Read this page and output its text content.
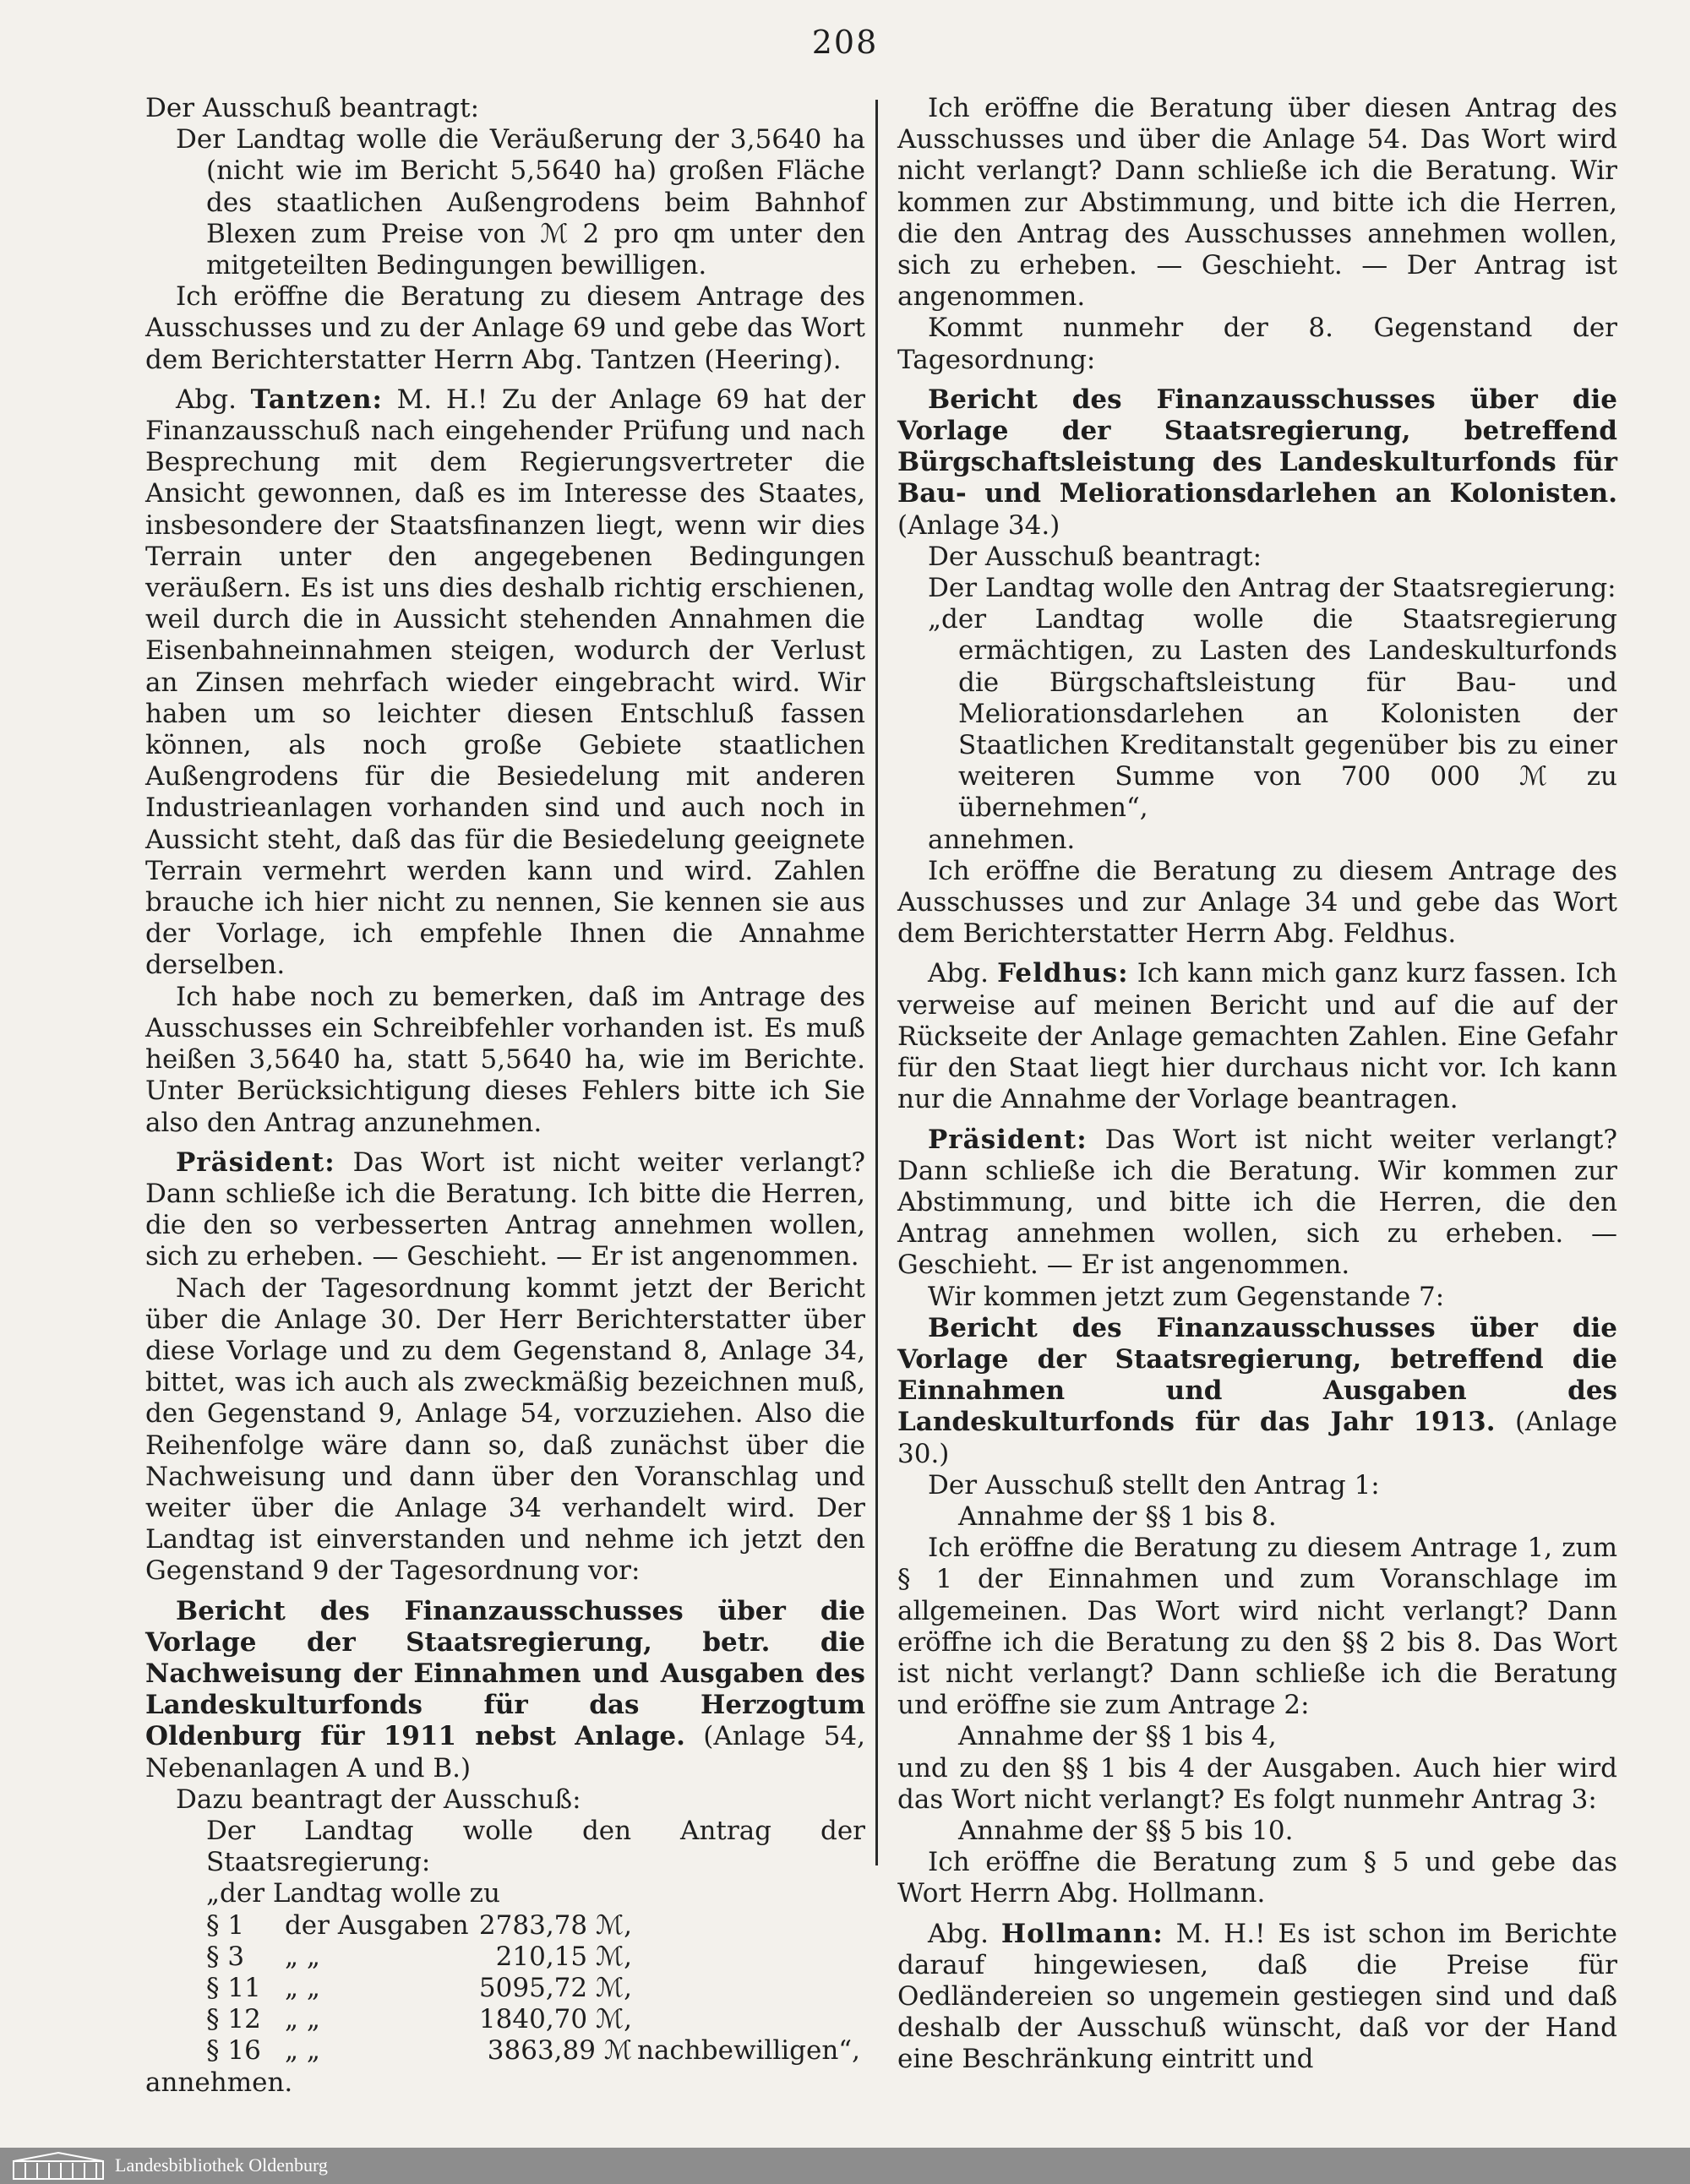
208

Der Ausschuß beantragt:

Der Landtag wolle die Veräußerung der 3,5640 ha (nicht wie im Bericht 5,5640 ha) großen Fläche des staatlichen Außengrodens beim Bahnhof Blexen zum Preise von ℳ 2 pro qm unter den mitgeteilten Bedingungen bewilligen.

Ich eröffne die Beratung zu diesem Antrage des Ausschusses und zu der Anlage 69 und gebe das Wort dem Berichterstatter Herrn Abg. Tantzen (Heering).

Abg. Tantzen: M. H.! Zu der Anlage 69 hat der Finanzausschuß nach eingehender Prüfung und nach Besprechung mit dem Regierungsvertreter die Ansicht gewonnen, daß es im Interesse des Staates, insbesondere der Staatsfinanzen liegt, wenn wir dies Terrain unter den angegebenen Bedingungen veräußern. Es ist uns dies deshalb richtig erschienen, weil durch die in Aussicht stehenden Annahmen die Eisenbahneinnahmen steigen, wodurch der Verlust an Zinsen mehrfach wieder eingebracht wird. Wir haben um so leichter diesen Entschluß fassen können, als noch große Gebiete staatlichen Außengrodens für die Besiedelung mit anderen Industrieanlagen vorhanden sind und auch noch in Aussicht steht, daß das für die Besiedelung geeignete Terrain vermehrt werden kann und wird. Zahlen brauche ich hier nicht zu nennen, Sie kennen sie aus der Vorlage, ich empfehle Ihnen die Annahme derselben.

Ich habe noch zu bemerken, daß im Antrage des Ausschusses ein Schreibfehler vorhanden ist. Es muß heißen 3,5640 ha, statt 5,5640 ha, wie im Berichte. Unter Berücksichtigung dieses Fehlers bitte ich Sie also den Antrag anzunehmen.

Präsident: Das Wort ist nicht weiter verlangt? Dann schließe ich die Beratung. Ich bitte die Herren, die den so verbesserten Antrag annehmen wollen, sich zu erheben. — Geschieht. — Er ist angenommen.

Nach der Tagesordnung kommt jetzt der Bericht über die Anlage 30. Der Herr Berichterstatter über diese Vorlage und zu dem Gegenstand 8, Anlage 34, bittet, was ich auch als zweckmäßig bezeichnen muß, den Gegenstand 9, Anlage 54, vorzuziehen. Also die Reihenfolge wäre dann so, daß zunächst über die Nachweisung und dann über den Voranschlag und weiter über die Anlage 34 verhandelt wird. Der Landtag ist einverstanden und nehme ich jetzt den Gegenstand 9 der Tagesordnung vor:

Bericht des Finanzausschusses über die Vorlage der Staatsregierung, betr. die Nachweisung der Einnahmen und Ausgaben des Landeskulturfonds für das Herzogtum Oldenburg für 1911 nebst Anlage. (Anlage 54, Nebenanlagen A und B.)

Dazu beantragt der Ausschuß:

Der Landtag wolle den Antrag der Staatsregierung:

„der Landtag wolle zu

§ 1	der Ausgaben	2783,78 ℳ,	
§ 3	„ „	210,15 ℳ,	
§ 11	„ „	5095,72 ℳ,	
§ 12	„ „	1840,70 ℳ,	
§ 16	„ „	3863,89 ℳ	nachbewilligen“,

annehmen.

Ich eröffne die Beratung über diesen Antrag des Ausschusses und über die Anlage 54. Das Wort wird nicht verlangt? Dann schließe ich die Beratung. Wir kommen zur Abstimmung, und bitte ich die Herren, die den Antrag des Ausschusses annehmen wollen, sich zu erheben. — Geschieht. — Der Antrag ist angenommen.

Kommt nunmehr der 8. Gegenstand der Tagesordnung:

Bericht des Finanzausschusses über die Vorlage der Staatsregierung, betreffend Bürgschaftsleistung des Landeskulturfonds für Bau- und Meliorationsdarlehen an Kolonisten. (Anlage 34.)

Der Ausschuß beantragt:

Der Landtag wolle den Antrag der Staatsregierung:

„der Landtag wolle die Staatsregierung ermächtigen, zu Lasten des Landeskulturfonds die Bürgschaftsleistung für Bau- und Meliorationsdarlehen an Kolonisten der Staatlichen Kreditanstalt gegenüber bis zu einer weiteren Summe von 700 000 ℳ zu übernehmen“,

annehmen.

Ich eröffne die Beratung zu diesem Antrage des Ausschusses und zur Anlage 34 und gebe das Wort dem Berichterstatter Herrn Abg. Feldhus.

Abg. Feldhus: Ich kann mich ganz kurz fassen. Ich verweise auf meinen Bericht und auf die auf der Rückseite der Anlage gemachten Zahlen. Eine Gefahr für den Staat liegt hier durchaus nicht vor. Ich kann nur die Annahme der Vorlage beantragen.

Präsident: Das Wort ist nicht weiter verlangt? Dann schließe ich die Beratung. Wir kommen zur Abstimmung, und bitte ich die Herren, die den Antrag annehmen wollen, sich zu erheben. — Geschieht. — Er ist angenommen.

Wir kommen jetzt zum Gegenstande 7:

Bericht des Finanzausschusses über die Vorlage der Staatsregierung, betreffend die Einnahmen und Ausgaben des Landeskulturfonds für das Jahr 1913. (Anlage 30.)

Der Ausschuß stellt den Antrag 1:

Annahme der §§ 1 bis 8.

Ich eröffne die Beratung zu diesem Antrage 1, zum § 1 der Einnahmen und zum Voranschlage im allgemeinen. Das Wort wird nicht verlangt? Dann eröffne ich die Beratung zu den §§ 2 bis 8. Das Wort ist nicht verlangt? Dann schließe ich die Beratung und eröffne sie zum Antrage 2:

Annahme der §§ 1 bis 4,

und zu den §§ 1 bis 4 der Ausgaben. Auch hier wird das Wort nicht verlangt? Es folgt nunmehr Antrag 3:

Annahme der §§ 5 bis 10.

Ich eröffne die Beratung zum § 5 und gebe das Wort Herrn Abg. Hollmann.

Abg. Hollmann: M. H.! Es ist schon im Berichte darauf hingewiesen, daß die Preise für Oedländereien so ungemein gestiegen sind und daß deshalb der Ausschuß wünscht, daß vor der Hand eine Beschränkung eintritt und

Landesbibliothek Oldenburg
